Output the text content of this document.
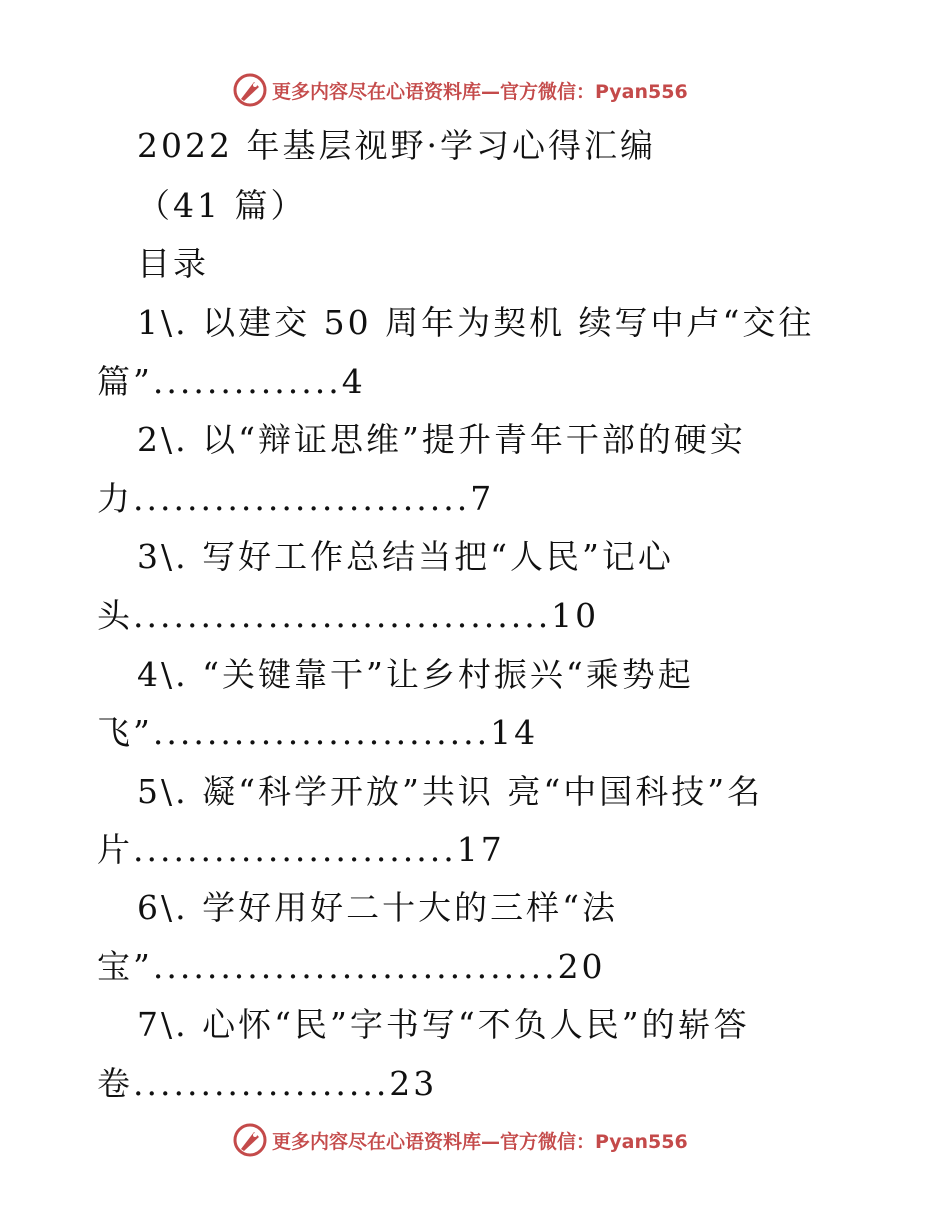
更多内容尽在心语资料库—官方微信：Pyan556
2022 年基层视野·学习心得汇编
（41 篇）
目录
1\. 以建交 50 周年为契机 续写中卢“交往
篇”..............4
2\. 以“辩证思维”提升青年干部的硬实
力.........................7
3\. 写好工作总结当把“人民”记心
头...............................10
4\. “关键靠干”让乡村振兴“乘势起
飞”.........................14
5\. 凝“科学开放”共识 亮“中国科技”名
片........................17
6\. 学好用好二十大的三样“法
宝”..............................20
7\. 心怀“民”字书写“不负人民”的崭答
卷...................23
更多内容尽在心语资料库—官方微信：Pyan556
